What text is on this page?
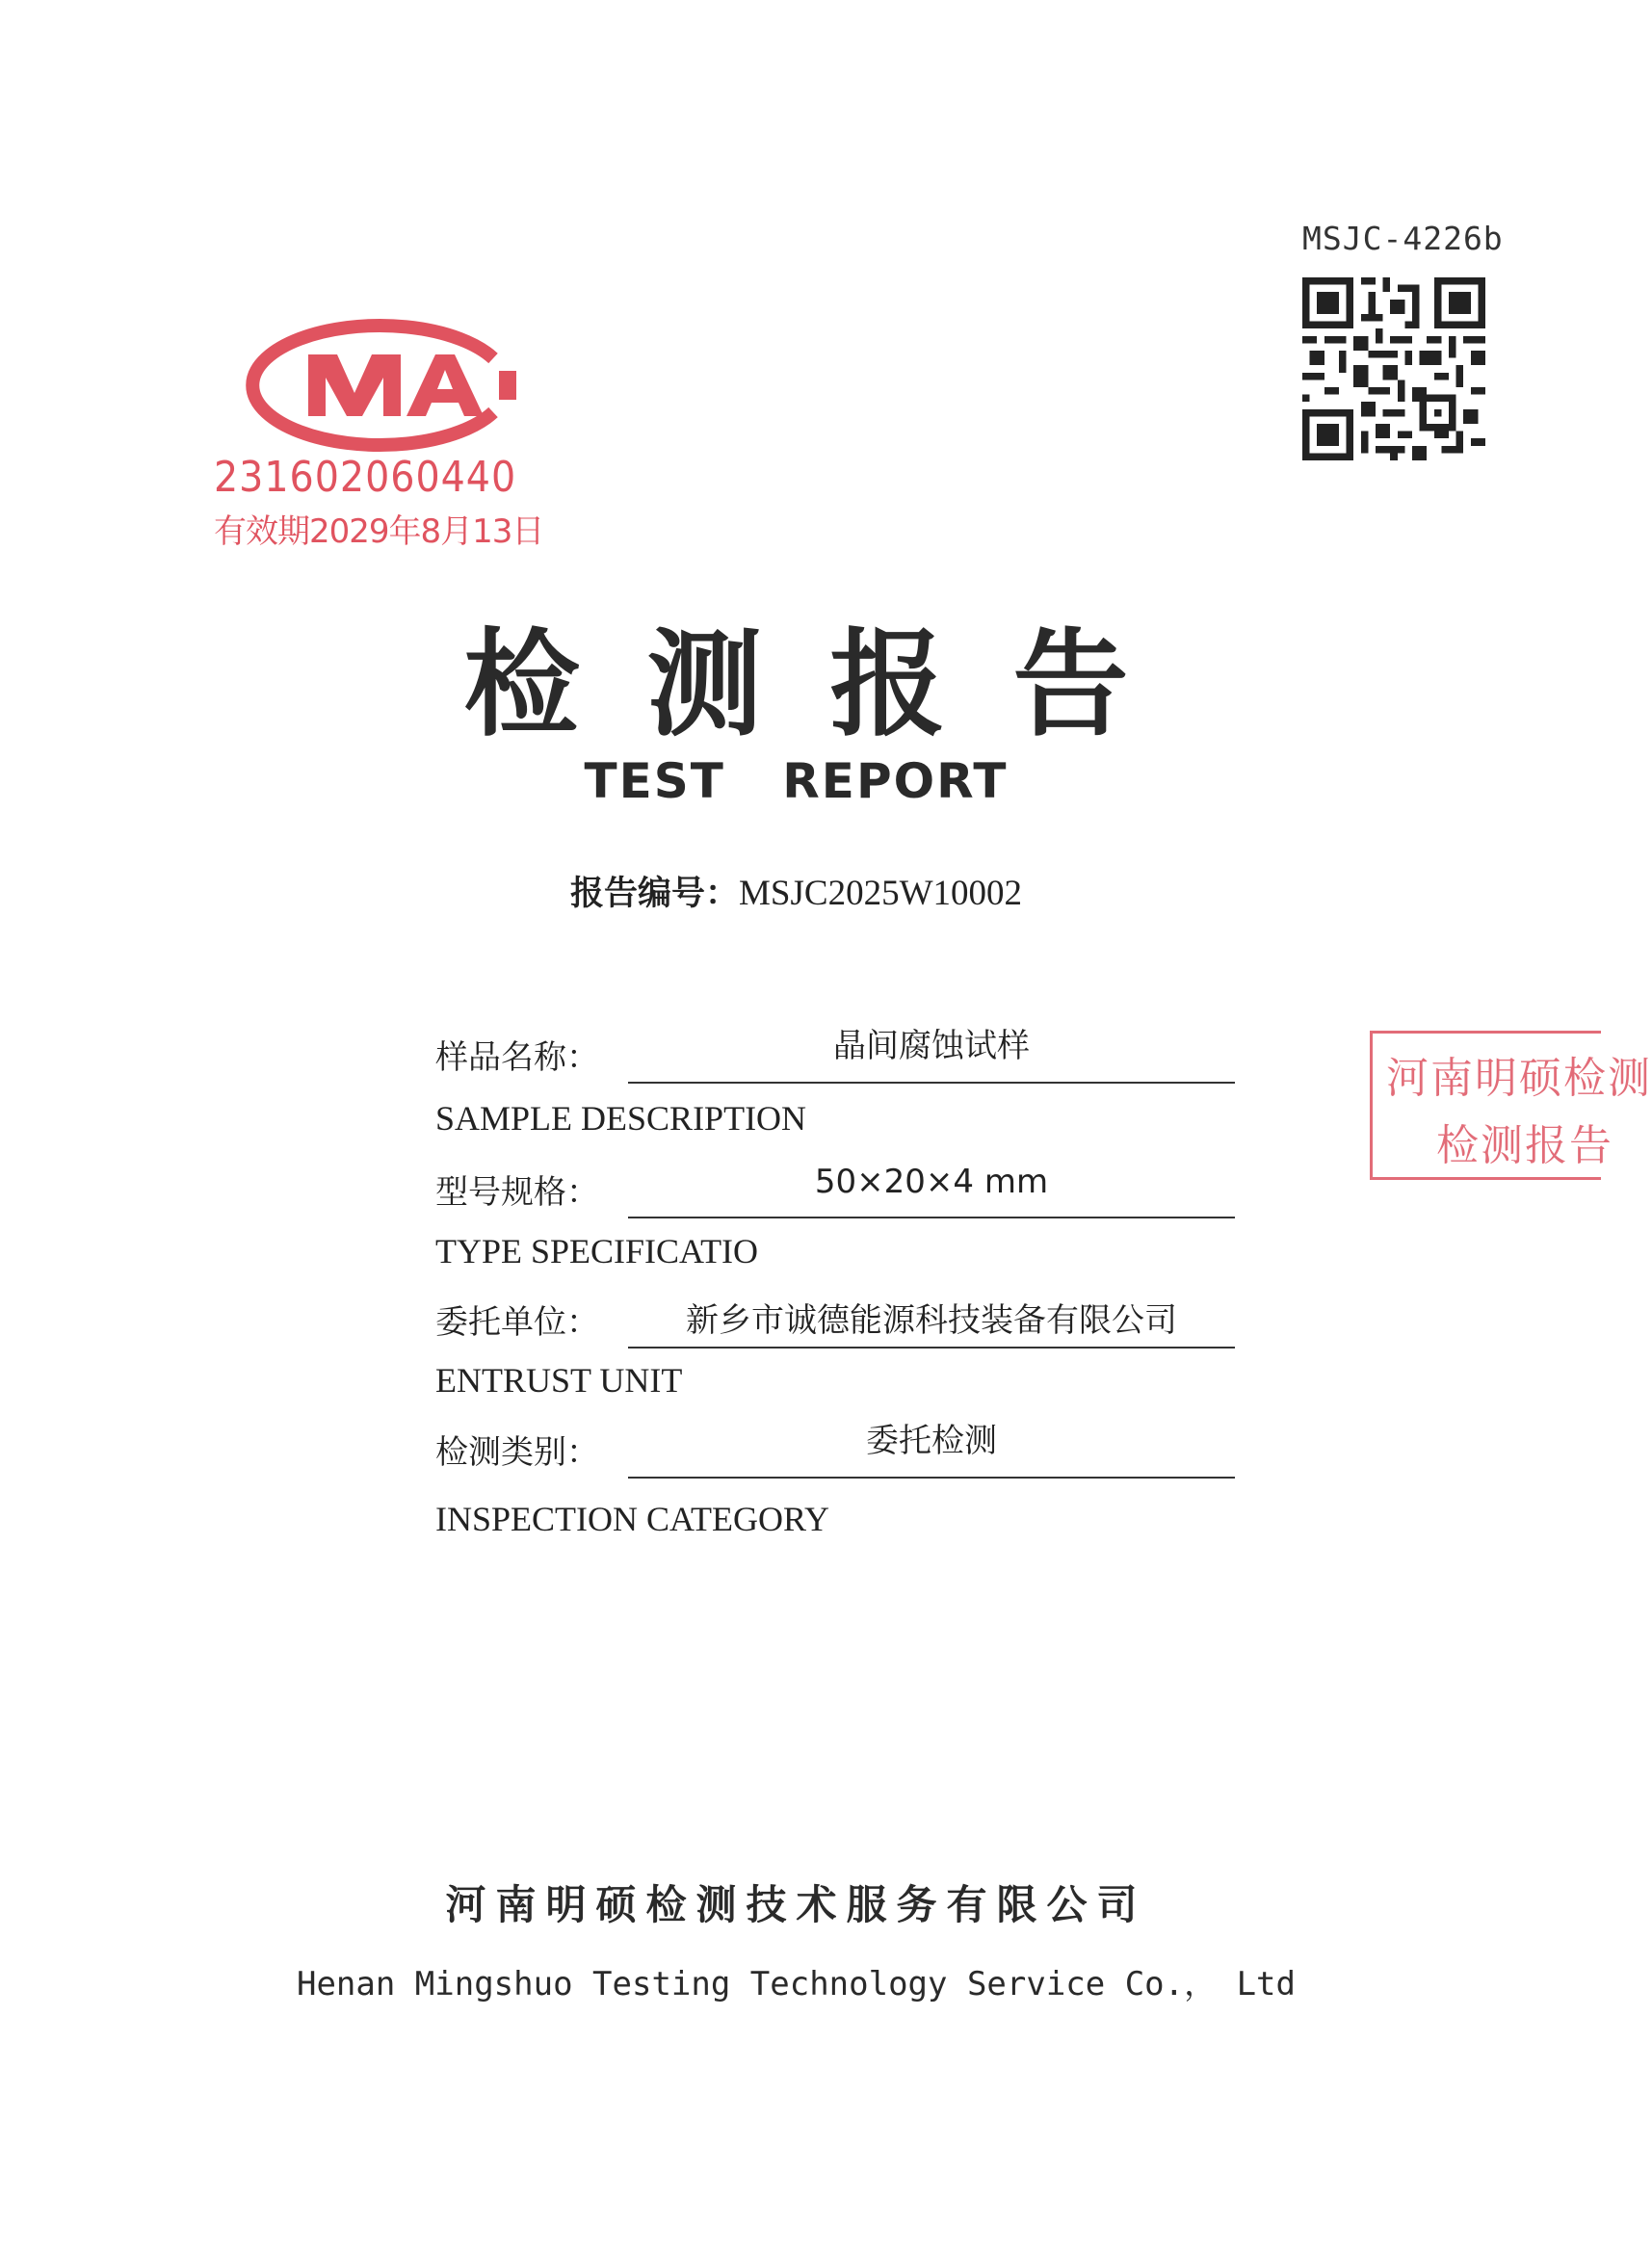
MSJC-4226b
231602060440
有效期2029年8月13日
检测报告
TEST REPORT
报告编号：MSJC2025W10002
样品名称：	晶间腐蚀试样
SAMPLE DESCRIPTION
型号规格：	50×20×4 mm
TYPE SPECIFICATIO
委托单位：	新乡市诚德能源科技装备有限公司
ENTRUST UNIT
检测类别：	委托检测
INSPECTION CATEGORY
河南明硕检测
检测报告
河南明硕检测技术服务有限公司
Henan Mingshuo Testing Technology Service Co.， Ltd
